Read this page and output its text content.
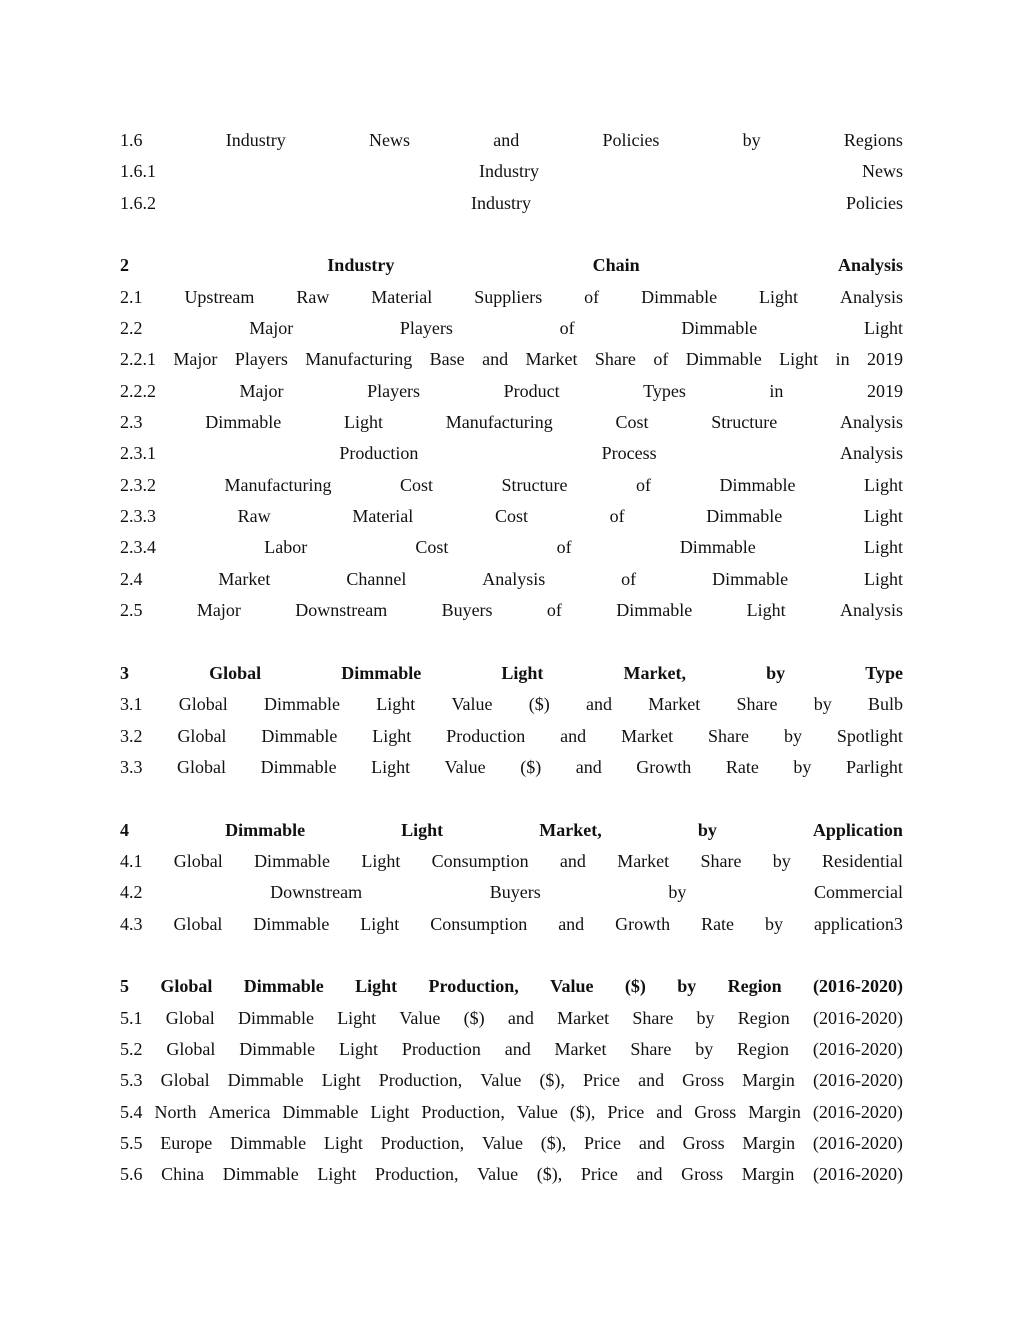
1.6	Industry	News	and	Policies	by	Regions
1.6.1	Industry	News
1.6.2	Industry	Policies
2	Industry	Chain	Analysis
2.1 Upstream Raw Material Suppliers of Dimmable Light Analysis
2.2	Major	Players	of	Dimmable	Light
2.2.1 Major Players Manufacturing Base and Market Share of Dimmable Light in 2019
2.2.2	Major	Players	Product	Types	in	2019
2.3	Dimmable	Light	Manufacturing	Cost	Structure	Analysis
2.3.1	Production	Process	Analysis
2.3.2	Manufacturing	Cost	Structure	of	Dimmable	Light
2.3.3	Raw	Material	Cost	of	Dimmable	Light
2.3.4	Labor	Cost	of	Dimmable	Light
2.4	Market	Channel	Analysis	of	Dimmable	Light
2.5	Major	Downstream	Buyers	of	Dimmable	Light	Analysis
3	Global	Dimmable	Light	Market,	by	Type
3.1 Global Dimmable Light Value ($) and Market Share by Bulb
3.2 Global Dimmable Light Production and Market Share by Spotlight
3.3 Global Dimmable Light Value ($) and Growth Rate by Parlight
4	Dimmable	Light	Market,	by	Application
4.1 Global Dimmable Light Consumption and Market Share by Residential
4.2	Downstream	Buyers	by	Commercial
4.3 Global Dimmable Light Consumption and Growth Rate by application3
5 Global Dimmable Light Production, Value ($) by Region (2016-2020)
5.1 Global Dimmable Light Value ($) and Market Share by Region (2016-2020)
5.2 Global Dimmable Light Production and Market Share by Region (2016-2020)
5.3 Global Dimmable Light Production, Value ($), Price and Gross Margin (2016-2020)
5.4 North America Dimmable Light Production, Value ($), Price and Gross Margin (2016-2020)
5.5 Europe Dimmable Light Production, Value ($), Price and Gross Margin (2016-2020)
5.6 China Dimmable Light Production, Value ($), Price and Gross Margin (2016-2020)
